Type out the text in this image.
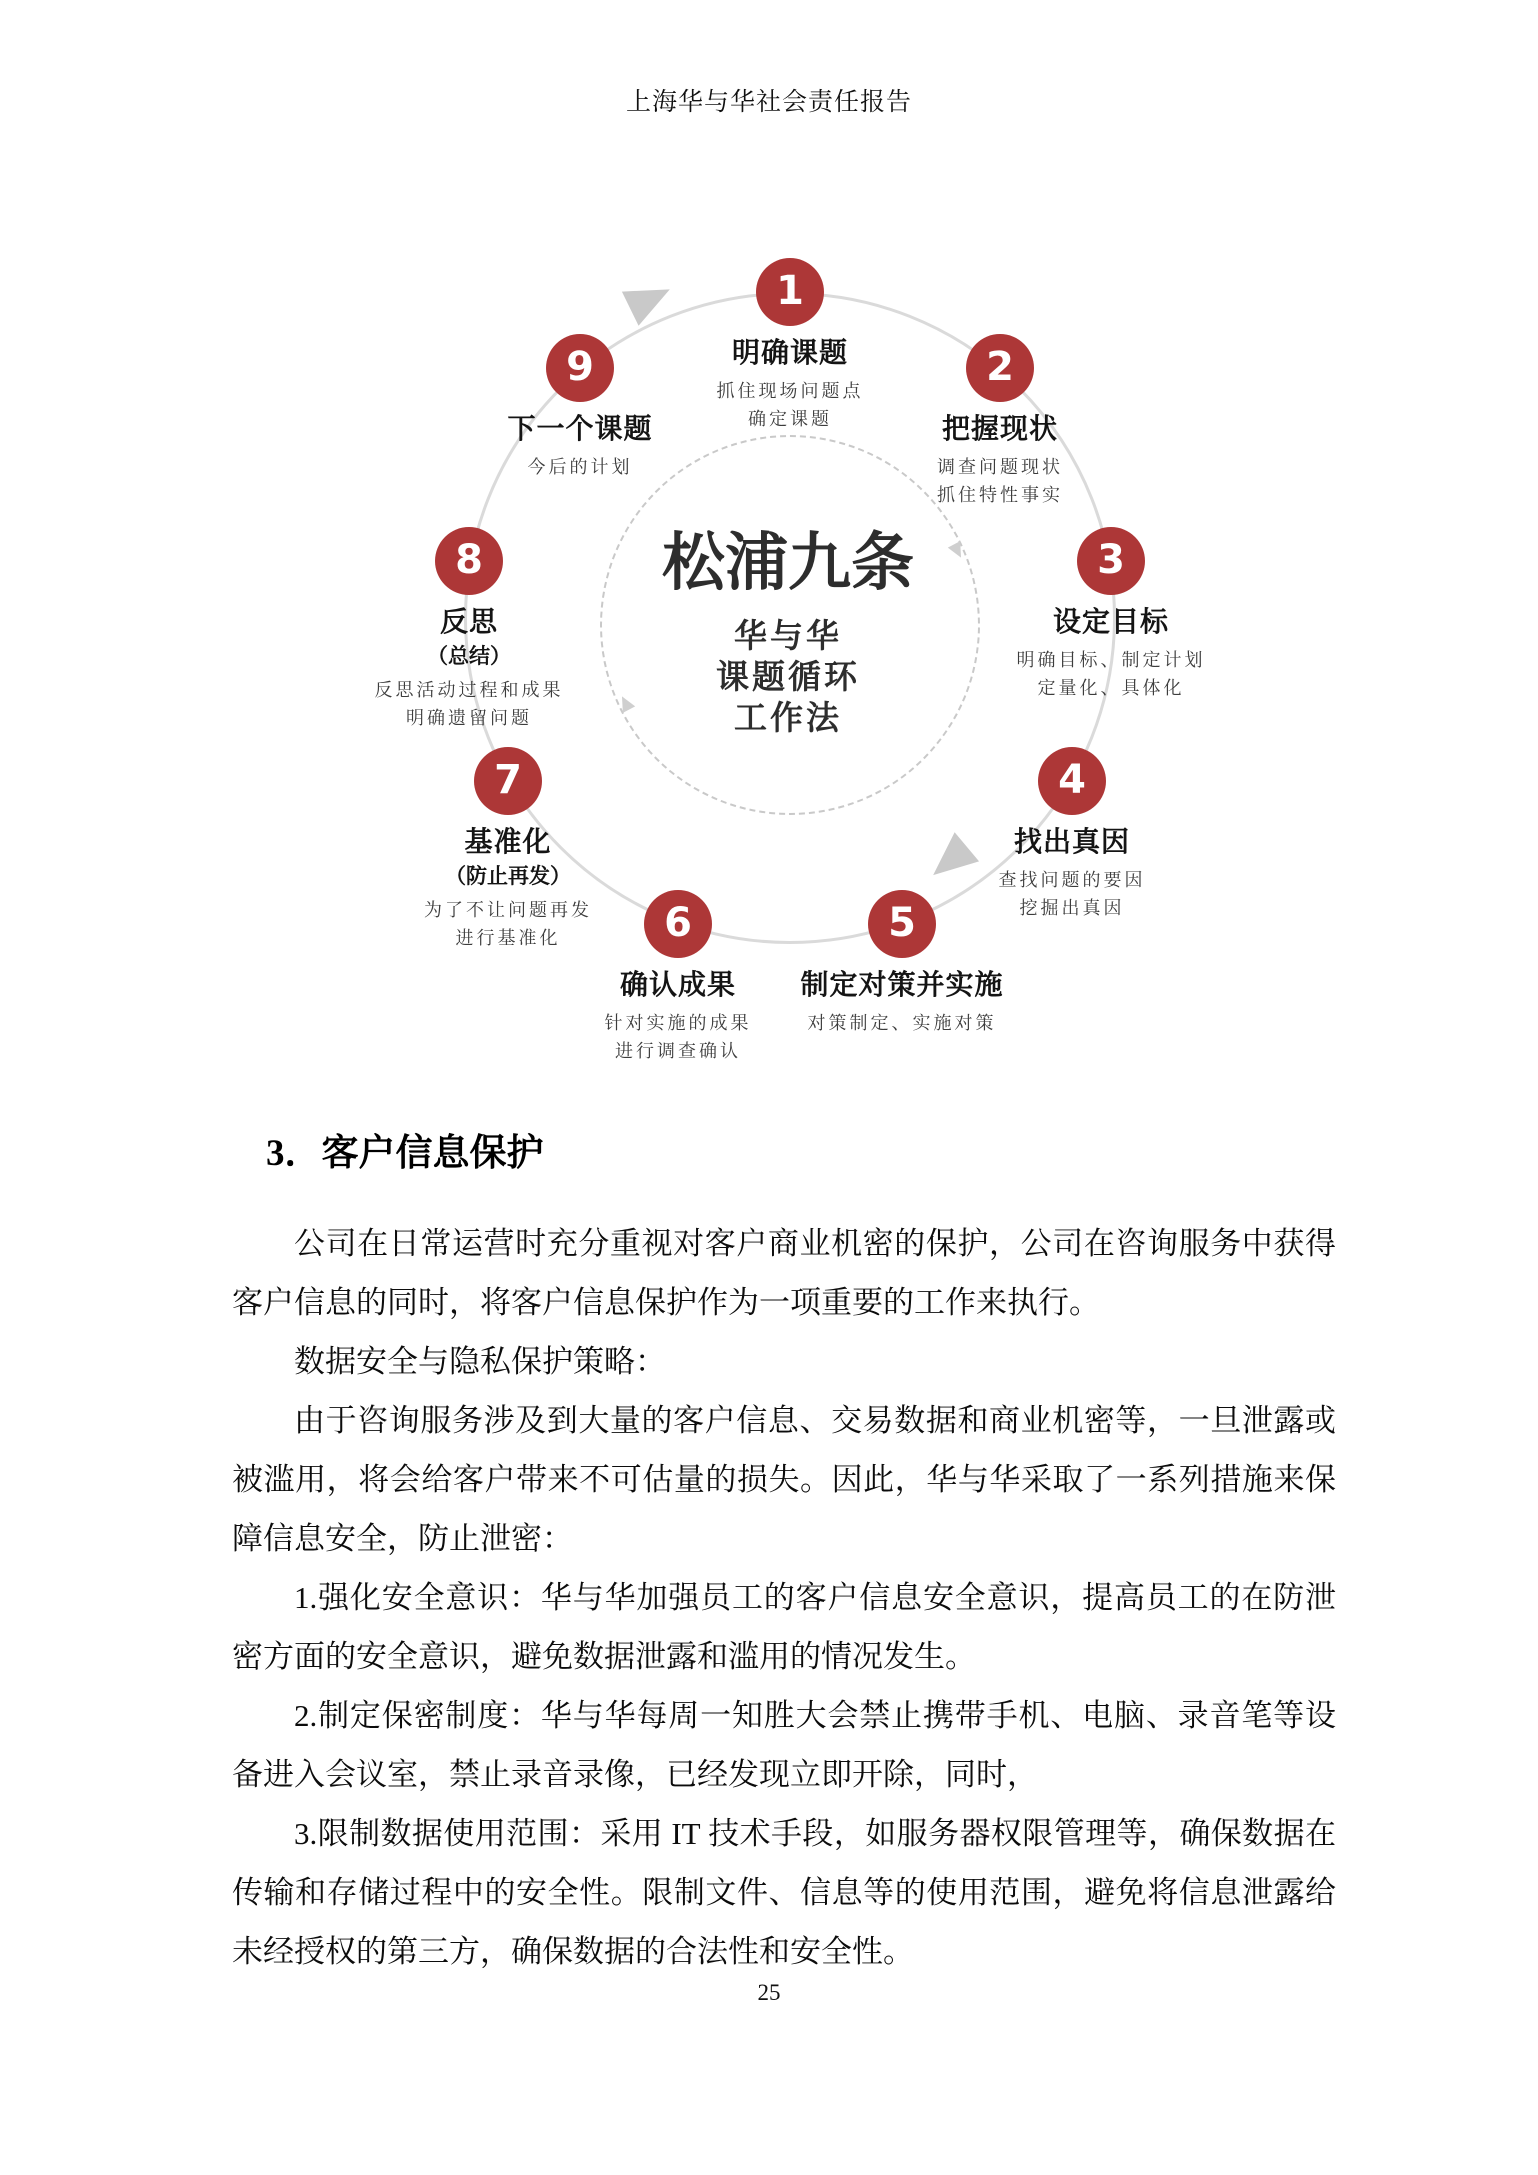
上海华与华社会责任报告
松浦九条
华与华
课题循环
工作法
1
明确课题
抓住现场问题点
确定课题
2
把握现状
调查问题现状
抓住特性事实
3
设定目标
明确目标、制定计划
定量化、具体化
4
找出真因
查找问题的要因
挖掘出真因
5
制定对策并实施
对策制定、实施对策
6
确认成果
针对实施的成果
进行调查确认
7
基准化
（防止再发）
为了不让问题再发
进行基准化
8
反思
（总结）
反思活动过程和成果
明确遗留问题
9
下一个课题
今后的计划
3．客户信息保护

公司在日常运营时充分重视对客户商业机密的保护，公司在咨询服务中获得客户信息的同时，将客户信息保护作为一项重要的工作来执行。

数据安全与隐私保护策略：

由于咨询服务涉及到大量的客户信息、交易数据和商业机密等，一旦泄露或被滥用，将会给客户带来不可估量的损失。因此，华与华采取了一系列措施来保障信息安全，防止泄密：

1.强化安全意识：华与华加强员工的客户信息安全意识，提高员工的在防泄密方面的安全意识，避免数据泄露和滥用的情况发生。

2.制定保密制度：华与华每周一知胜大会禁止携带手机、电脑、录音笔等设备进入会议室，禁止录音录像，已经发现立即开除，同时，

3.限制数据使用范围：采用 IT 技术手段，如服务器权限管理等，确保数据在传输和存储过程中的安全性。限制文件、信息等的使用范围，避免将信息泄露给未经授权的第三方，确保数据的合法性和安全性。

25
